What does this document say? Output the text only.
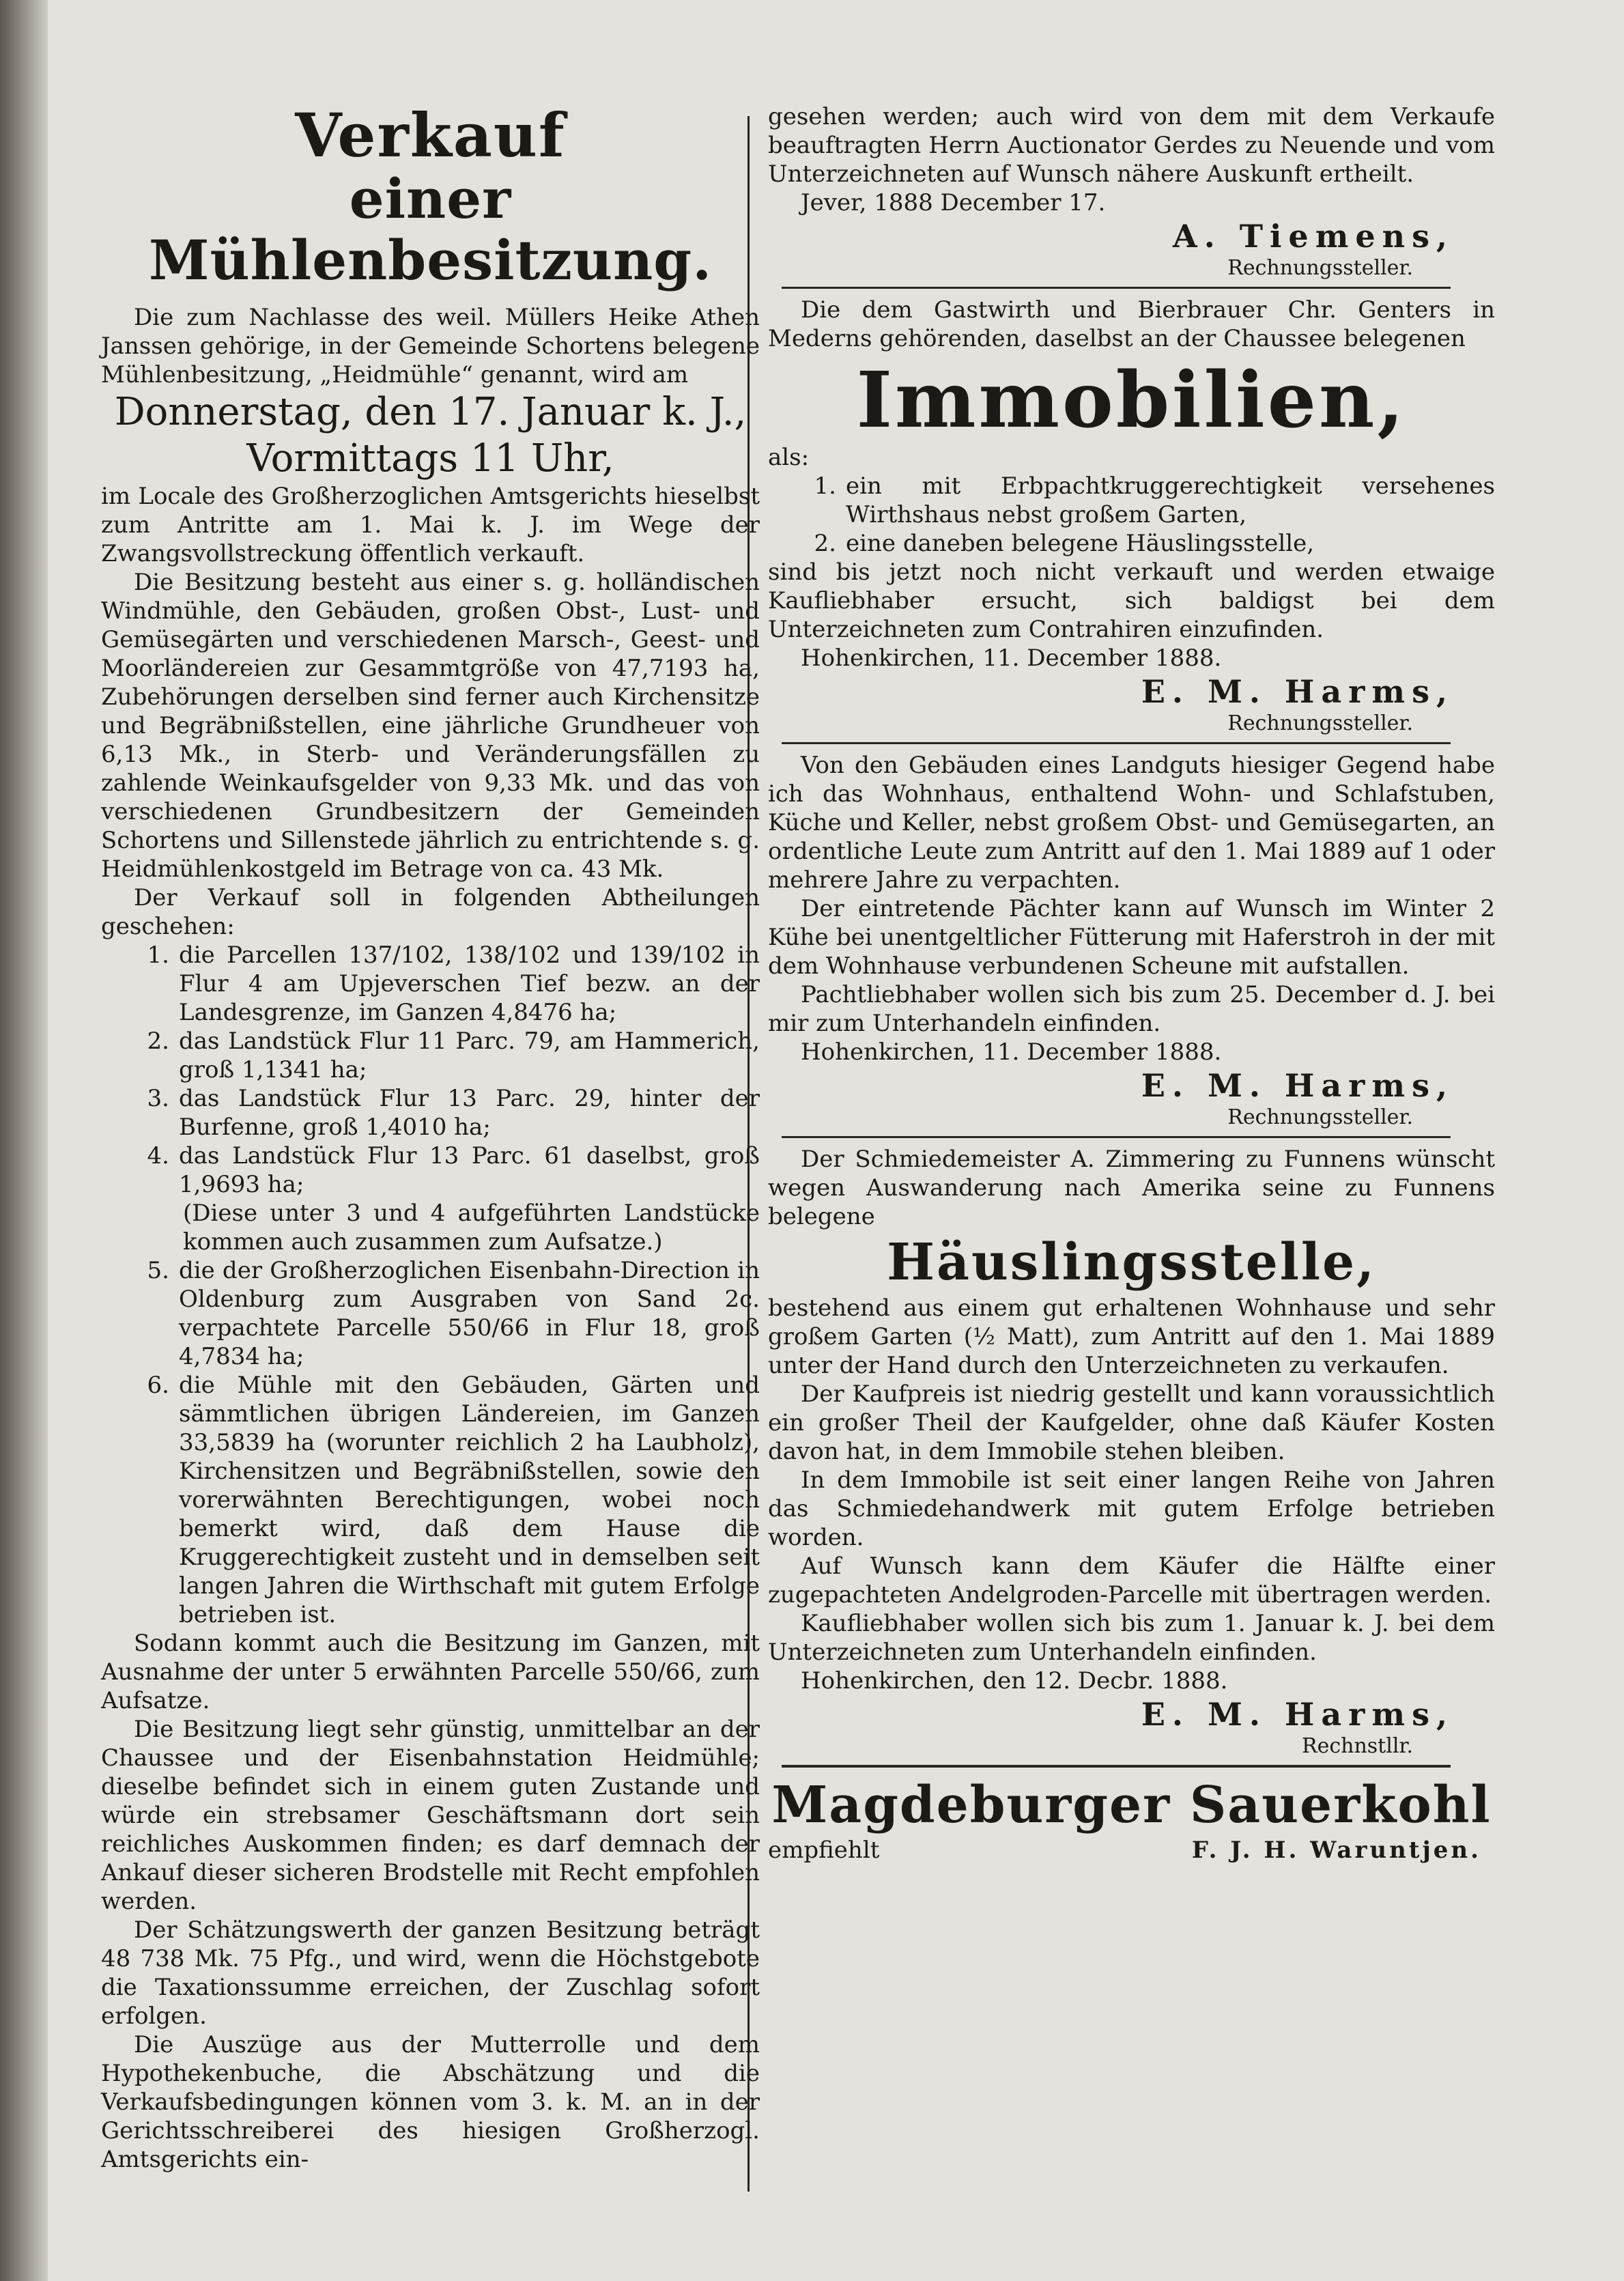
Verkauf
einer Mühlenbesitzung.

Die zum Nachlasse des weil. Müllers Heike Athen Janssen gehörige, in der Gemeinde Schortens belegene Mühlenbesitzung, „Heidmühle“ genannt, wird am

Donnerstag, den 17. Januar k. J.,
Vormittags 11 Uhr,

im Locale des Großherzoglichen Amtsgerichts hieselbst zum Antritte am 1. Mai k. J. im Wege der Zwangsvollstreckung öffentlich verkauft.

Die Besitzung besteht aus einer s. g. holländischen Windmühle, den Gebäuden, großen Obst-, Lust- und Gemüsegärten und verschiedenen Marsch-, Geest- und Moorländereien zur Gesammtgröße von 47,7193 ha, Zubehörungen derselben sind ferner auch Kirchensitze und Begräbnißstellen, eine jährliche Grundheuer von 6,13 Mk., in Sterb- und Veränderungsfällen zu zahlende Weinkaufsgelder von 9,33 Mk. und das von verschiedenen Grundbesitzern der Gemeinden Schortens und Sillenstede jährlich zu entrichtende s. g. Heidmühlenkostgeld im Betrage von ca. 43 Mk.

Der Verkauf soll in folgenden Abtheilungen geschehen:

1. die Parcellen 137/102, 138/102 und 139/102 in Flur 4 am Upjeverschen Tief bezw. an der Landesgrenze, im Ganzen 4,8476 ha;
2. das Landstück Flur 11 Parc. 79, am Hammerich, groß 1,1341 ha;
3. das Landstück Flur 13 Parc. 29, hinter der Burfenne, groß 1,4010 ha;
4. das Landstück Flur 13 Parc. 61 daselbst, groß 1,9693 ha;

(Diese unter 3 und 4 aufgeführten Landstücke kommen auch zusammen zum Aufsatze.)

5. die der Großherzoglichen Eisenbahn-Direction in Oldenburg zum Ausgraben von Sand 2c. verpachtete Parcelle 550/66 in Flur 18, groß 4,7834 ha;
6. die Mühle mit den Gebäuden, Gärten und sämmtlichen übrigen Ländereien, im Ganzen 33,5839 ha (worunter reichlich 2 ha Laubholz), Kirchensitzen und Begräbnißstellen, sowie den vorerwähnten Berechtigungen, wobei noch bemerkt wird, daß dem Hause die Kruggerechtigkeit zusteht und in demselben seit langen Jahren die Wirthschaft mit gutem Erfolge betrieben ist.

Sodann kommt auch die Besitzung im Ganzen, mit Ausnahme der unter 5 erwähnten Parcelle 550/66, zum Aufsatze.

Die Besitzung liegt sehr günstig, unmittelbar an der Chaussee und der Eisenbahnstation Heidmühle; dieselbe befindet sich in einem guten Zustande und würde ein strebsamer Geschäftsmann dort sein reichliches Auskommen finden; es darf demnach der Ankauf dieser sicheren Brodstelle mit Recht empfohlen werden.

Der Schätzungswerth der ganzen Besitzung beträgt 48 738 Mk. 75 Pfg., und wird, wenn die Höchstgebote die Taxationssumme erreichen, der Zuschlag sofort erfolgen.

Die Auszüge aus der Mutterrolle und dem Hypothekenbuche, die Abschätzung und die Verkaufsbedingungen können vom 3. k. M. an in der Gerichtsschreiberei des hiesigen Großherzogl. Amtsgerichts ein-

gesehen werden; auch wird von dem mit dem Verkaufe beauftragten Herrn Auctionator Gerdes zu Neuende und vom Unterzeichneten auf Wunsch nähere Auskunft ertheilt.

Jever, 1888 December 17.

A. Tiemens,
Rechnungssteller.

Die dem Gastwirth und Bierbrauer Chr. Genters in Mederns gehörenden, daselbst an der Chaussee belegenen

Immobilien,

als:

1. ein mit Erbpachtkruggerechtigkeit versehenes Wirthshaus nebst großem Garten,
2. eine daneben belegene Häuslingsstelle,

sind bis jetzt noch nicht verkauft und werden etwaige Kaufliebhaber ersucht, sich baldigst bei dem Unterzeichneten zum Contrahiren einzufinden.

Hohenkirchen, 11. December 1888.

E. M. Harms,
Rechnungssteller.

Von den Gebäuden eines Landguts hiesiger Gegend habe ich das Wohnhaus, enthaltend Wohn- und Schlafstuben, Küche und Keller, nebst großem Obst- und Gemüsegarten, an ordentliche Leute zum Antritt auf den 1. Mai 1889 auf 1 oder mehrere Jahre zu verpachten.

Der eintretende Pächter kann auf Wunsch im Winter 2 Kühe bei unentgeltlicher Fütterung mit Haferstroh in der mit dem Wohnhause verbundenen Scheune mit aufstallen.

Pachtliebhaber wollen sich bis zum 25. December d. J. bei mir zum Unterhandeln einfinden.

Hohenkirchen, 11. December 1888.

E. M. Harms,
Rechnungssteller.

Der Schmiedemeister A. Zimmering zu Funnens wünscht wegen Auswanderung nach Amerika seine zu Funnens belegene

Häuslingsstelle,

bestehend aus einem gut erhaltenen Wohnhause und sehr großem Garten (½ Matt), zum Antritt auf den 1. Mai 1889 unter der Hand durch den Unterzeichneten zu verkaufen.

Der Kaufpreis ist niedrig gestellt und kann voraussichtlich ein großer Theil der Kaufgelder, ohne daß Käufer Kosten davon hat, in dem Immobile stehen bleiben.

In dem Immobile ist seit einer langen Reihe von Jahren das Schmiedehandwerk mit gutem Erfolge betrieben worden.

Auf Wunsch kann dem Käufer die Hälfte einer zugepachteten Andelgroden-Parcelle mit übertragen werden.

Kaufliebhaber wollen sich bis zum 1. Januar k. J. bei dem Unterzeichneten zum Unterhandeln einfinden.

Hohenkirchen, den 12. Decbr. 1888.

E. M. Harms,
Rechnstllr.
Magdeburger Sauerkohl
empfiehlt	F. J. H. Waruntjen.
